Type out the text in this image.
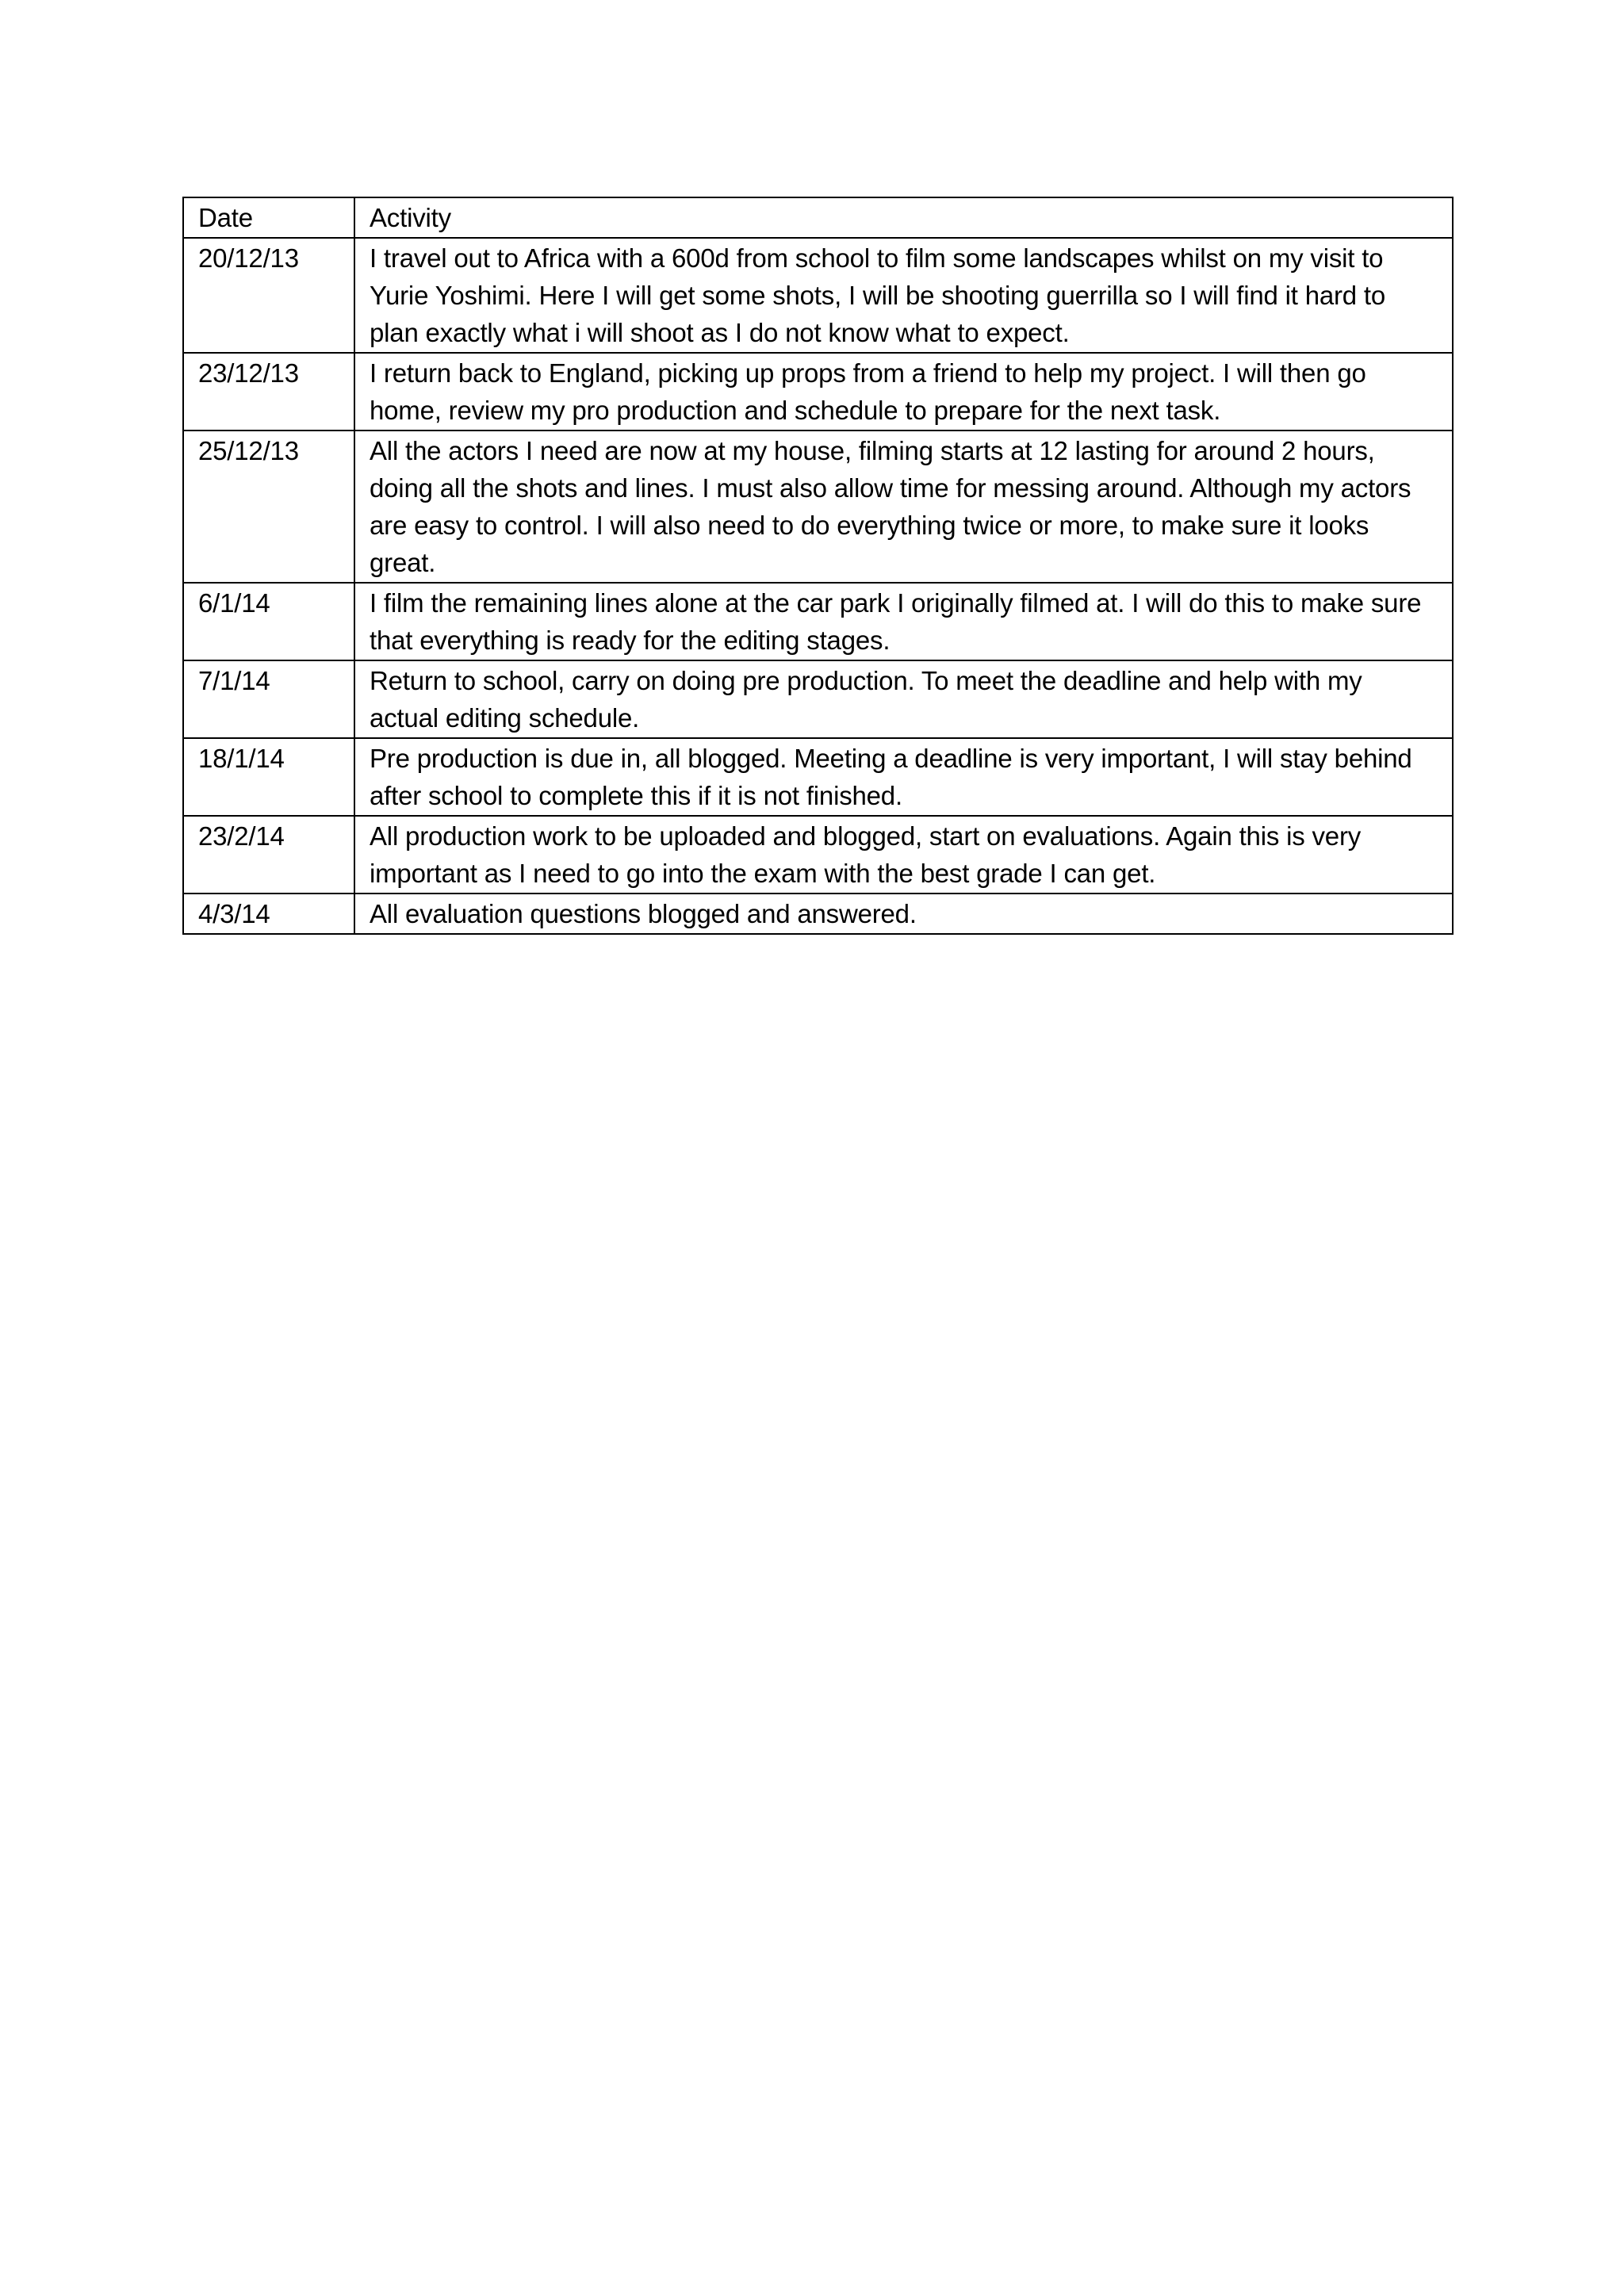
Date	Activity
20/12/13	I travel out to Africa with a 600d from school to film some landscapes whilst on my visit to Yurie Yoshimi. Here I will get some shots, I will be shooting guerrilla so I will find it hard to plan exactly what i will shoot as I do not know what to expect.
23/12/13	I return back to England, picking up props from a friend to help my project. I will then go home, review my pro production and schedule to prepare for the next task.
25/12/13	All the actors I need are now at my house, filming starts at 12 lasting for around 2 hours, doing all the shots and lines. I must also allow time for messing around. Although my actors are easy to control. I will also need to do everything twice or more, to make sure it looks great.
6/1/14	I film the remaining lines alone at the car park I originally filmed at. I will do this to make sure that everything is ready for the editing stages.
7/1/14	Return to school, carry on doing pre production. To meet the deadline and help with my actual editing schedule.
18/1/14	Pre production is due in, all blogged. Meeting a deadline is very important, I will stay behind after school to complete this if it is not finished.
23/2/14	All production work to be uploaded and blogged, start on evaluations. Again this is very important as I need to go into the exam with the best grade I can get.
4/3/14	All evaluation questions blogged and answered.
